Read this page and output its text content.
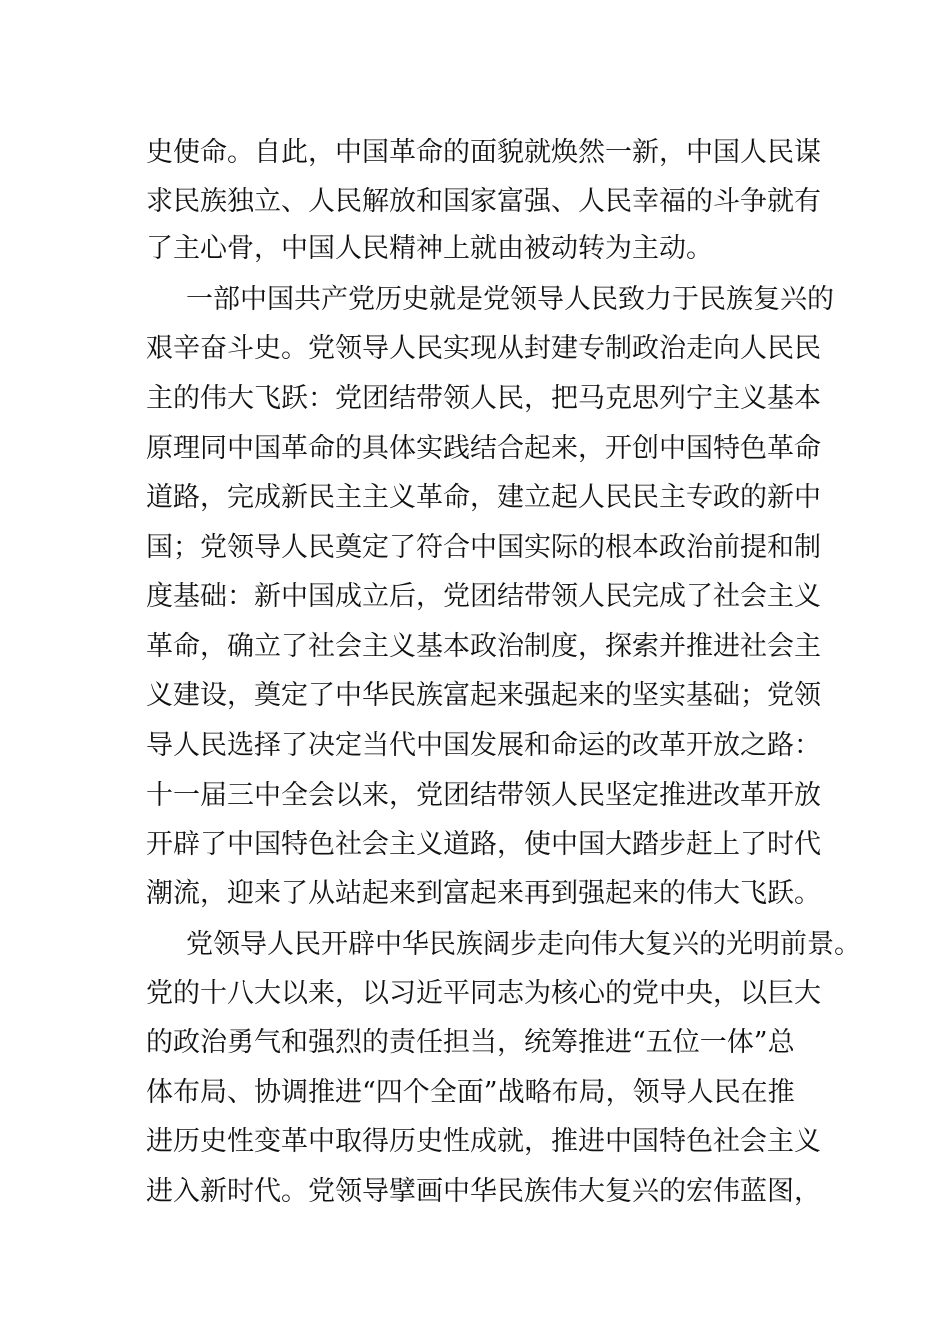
史使命。自此，中国革命的面貌就焕然一新，中国人民谋
求民族独立、人民解放和国家富强、人民幸福的斗争就有
了主心骨，中国人民精神上就由被动转为主动。
一部中国共产党历史就是党领导人民致力于民族复兴的
艰辛奋斗史。党领导人民实现从封建专制政治走向人民民
主的伟大飞跃：党团结带领人民，把马克思列宁主义基本
原理同中国革命的具体实践结合起来，开创中国特色革命
道路，完成新民主主义革命，建立起人民民主专政的新中
国；党领导人民奠定了符合中国实际的根本政治前提和制
度基础：新中国成立后，党团结带领人民完成了社会主义
革命，确立了社会主义基本政治制度，探索并推进社会主
义建设，奠定了中华民族富起来强起来的坚实基础；党领
导人民选择了决定当代中国发展和命运的改革开放之路：
十一届三中全会以来，党团结带领人民坚定推进改革开放
开辟了中国特色社会主义道路，使中国大踏步赶上了时代
潮流，迎来了从站起来到富起来再到强起来的伟大飞跃。
党领导人民开辟中华民族阔步走向伟大复兴的光明前景。
党的十八大以来，以习近平同志为核心的党中央，以巨大
的政治勇气和强烈的责任担当，统筹推进“五位一体”总
体布局、协调推进“四个全面”战略布局，领导人民在推
进历史性变革中取得历史性成就，推进中国特色社会主义
进入新时代。党领导擘画中华民族伟大复兴的宏伟蓝图，
